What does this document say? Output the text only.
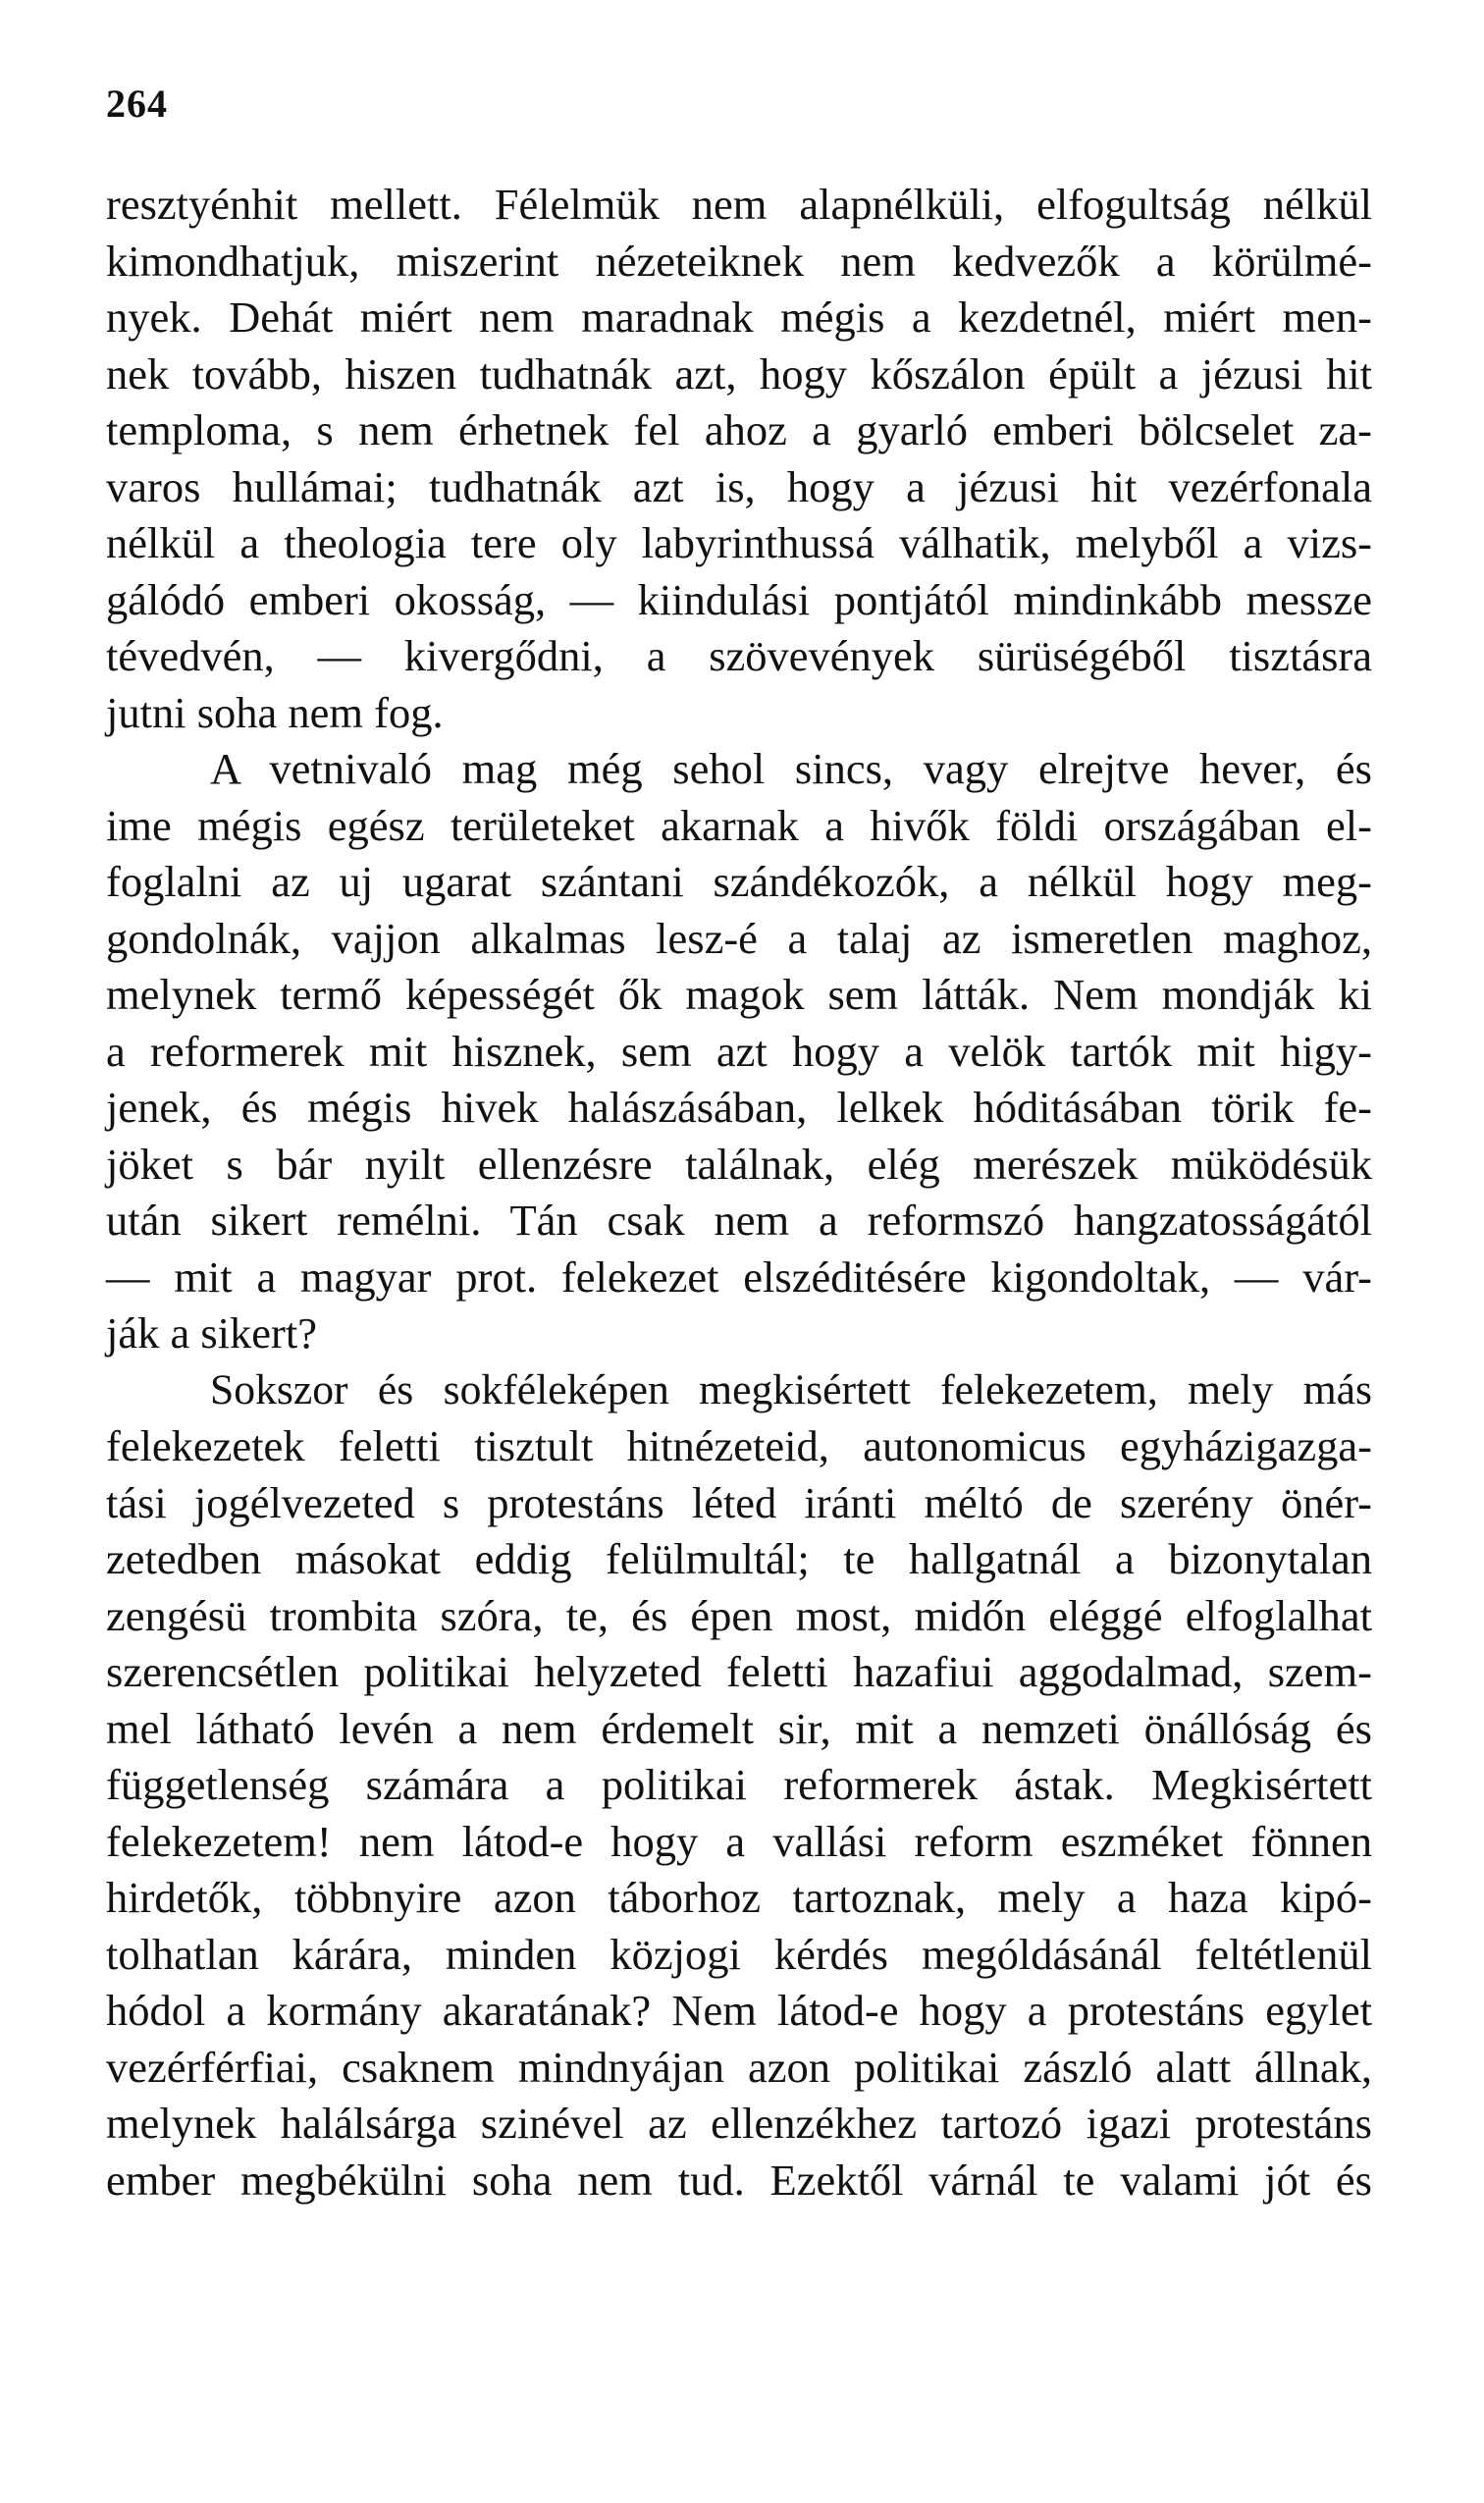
264
resztyénhit mellett. Félelmük nem alapnélküli, elfogultság nélkül
kimondhatjuk, miszerint nézeteiknek nem kedvezők a körülmé-
nyek. Dehát miért nem maradnak mégis a kezdetnél, miért men-
nek tovább, hiszen tudhatnák azt, hogy kőszálon épült a jézusi hit
temploma, s nem érhetnek fel ahoz a gyarló emberi bölcselet za-
varos hullámai; tudhatnák azt is, hogy a jézusi hit vezérfonala
nélkül a theologia tere oly labyrinthussá válhatik, melyből a vizs-
gálódó emberi okosság, — kiindulási pontjától mindinkább messze
tévedvén, — kivergődni, a szövevények sürüségéből tisztásra
jutni soha nem fog.
A vetnivaló mag még sehol sincs, vagy elrejtve hever, és
ime mégis egész területeket akarnak a hivők földi országában el-
foglalni az uj ugarat szántani szándékozók, a nélkül hogy meg-
gondolnák, vajjon alkalmas lesz-é a talaj az ismeretlen maghoz,
melynek termő képességét ők magok sem látták. Nem mondják ki
a reformerek mit hisznek, sem azt hogy a velök tartók mit higy-
jenek, és mégis hivek halászásában, lelkek hóditásában törik fe-
jöket s bár nyilt ellenzésre találnak, elég merészek müködésük
után sikert remélni. Tán csak nem a reformszó hangzatosságától
— mit a magyar prot. felekezet elszéditésére kigondoltak, — vár-
ják a sikert?
Sokszor és sokféleképen megkisértett felekezetem, mely más
felekezetek feletti tisztult hitnézeteid, autonomicus egyházigazga-
tási jogélvezeted s protestáns léted iránti méltó de szerény önér-
zetedben másokat eddig felülmultál; te hallgatnál a bizonytalan
zengésü trombita szóra, te, és épen most, midőn eléggé elfoglalhat
szerencsétlen politikai helyzeted feletti hazafiui aggodalmad, szem-
mel látható levén a nem érdemelt sir, mit a nemzeti önállóság és
függetlenség számára a politikai reformerek ástak. Megkisértett
felekezetem! nem látod-e hogy a vallási reform eszméket fönnen
hirdetők, többnyire azon táborhoz tartoznak, mely a haza kipó-
tolhatlan kárára, minden közjogi kérdés mególdásánál feltétlenül
hódol a kormány akaratának? Nem látod-e hogy a protestáns egylet
vezérférfiai, csaknem mindnyájan azon politikai zászló alatt állnak,
melynek halálsárga szinével az ellenzékhez tartozó igazi protestáns
ember megbékülni soha nem tud. Ezektől várnál te valami jót és
